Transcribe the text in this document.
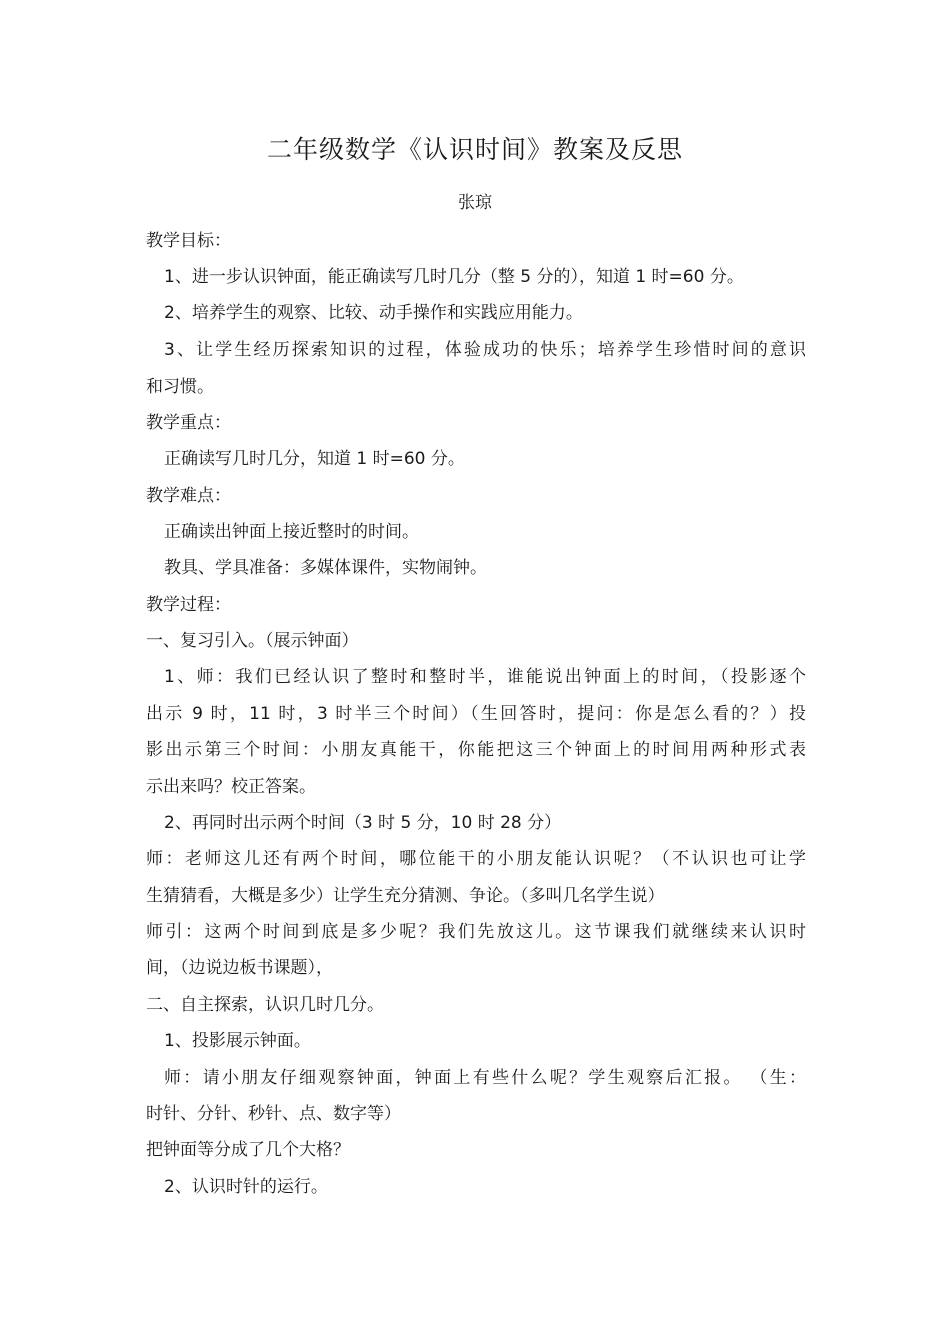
二年级数学《认识时间》教案及反思
张琼

教学目标：

1、进一步认识钟面，能正确读写几时几分（整 5 分的），知道 1 时=60 分。

2、培养学生的观察、比较、动手操作和实践应用能力。

3、让学生经历探索知识的过程，体验成功的快乐；培养学生珍惜时间的意识

和习惯。

教学重点：

正确读写几时几分，知道 1 时=60 分。

教学难点：

正确读出钟面上接近整时的时间。

教具、学具准备：多媒体课件，实物闹钟。

教学过程：

一、复习引入。（展示钟面）

1、师：我们已经认识了整时和整时半，谁能说出钟面上的时间，（投影逐个

出示 9 时，11 时，3 时半三个时间）（生回答时，提问：你是怎么看的？）投

影出示第三个时间：小朋友真能干，你能把这三个钟面上的时间用两种形式表

示出来吗？校正答案。

2、再同时出示两个时间（3 时 5 分，10 时 28 分）

师：老师这儿还有两个时间，哪位能干的小朋友能认识呢？（不认识也可让学

生猜猜看，大概是多少）让学生充分猜测、争论。（多叫几名学生说）

师引：这两个时间到底是多少呢？我们先放这儿。这节课我们就继续来认识时

间，（边说边板书课题），

二、自主探索，认识几时几分。

1、投影展示钟面。

师：请小朋友仔细观察钟面，钟面上有些什么呢？学生观察后汇报。 （生：

时针、分针、秒针、点、数字等）

把钟面等分成了几个大格？

2、认识时针的运行。
